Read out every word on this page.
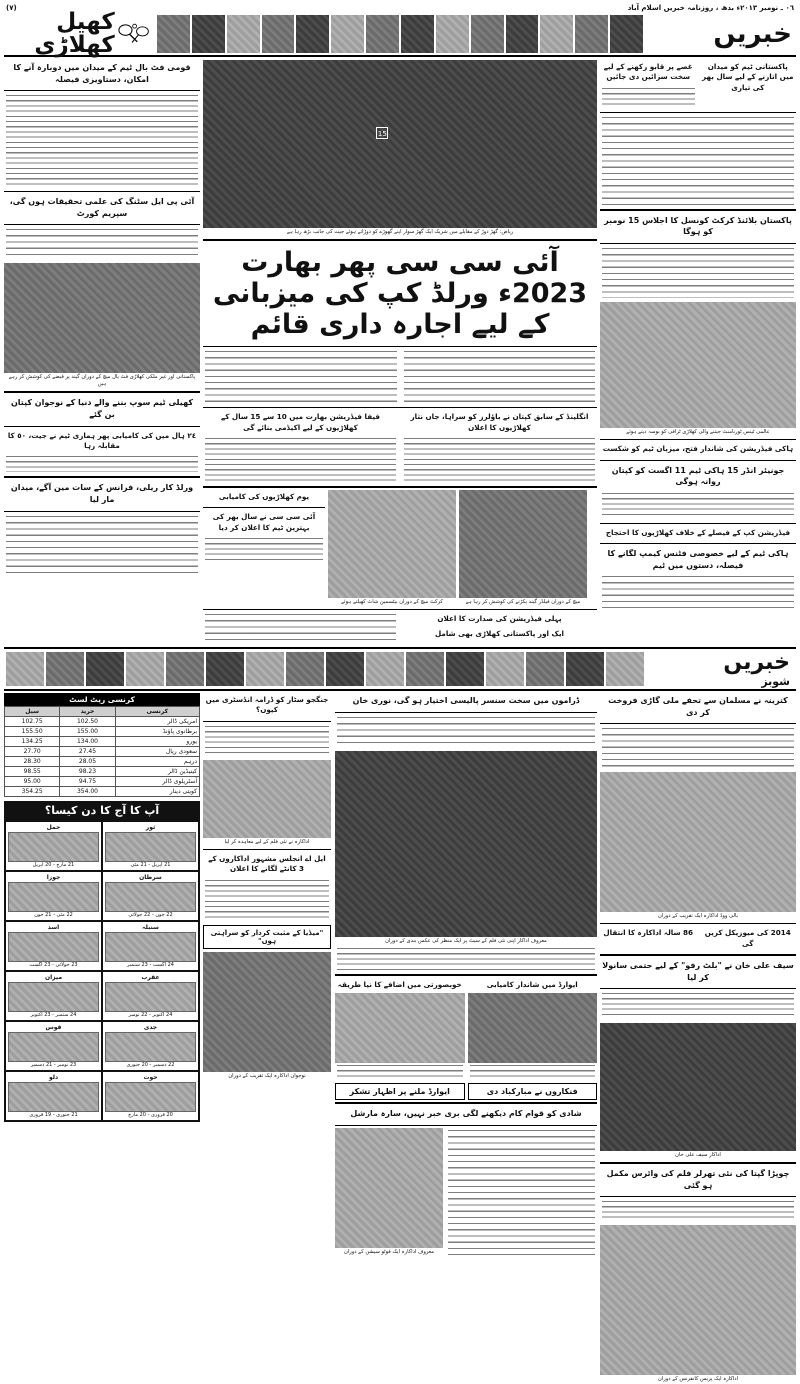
(٧)	٠٦ ـ نومبر ٢٠١٣ء بدھ ، روزنامہ خبریں اسلام آباد
کھیل کھلاڑی	خبریں
قومی فٹ بال ٹیم کے میدان میں دوبارہ آنے کا امکان، دستاویزی فیصلہ
آئی پی ایل سٹنگ کی علمی تحقیقات ہوں گی، سپریم کورٹ
پاکستانی اور غیر ملکی کھلاڑی فٹ بال میچ کے دوران گیند پر قبضے کی کوشش کر رہے ہیں
کھیلی ٹیم سوپ بننے والے دنیا کے نوجوان کپتان بن گئے
٢٤ ہال میں کی کامیابی پھر ہماری ٹیم نے جیت، ٥٠ کا مقابلہ رہا
ورلڈ کار ریلی، فرانس کے سات مین آگے، میدان مار لیا
15
ریاض: گھڑ دوڑ کے مقابلے میں شریک ایک گھڑ سوار اپنے گھوڑے کو دوڑاتے ہوئے جیت کی جانب بڑھ رہا ہے
آئی سی سی پھر بھارت 2023ء ورلڈ کپ کی میزبانی کے لیے اجارہ داری قائم
فیفا فیڈریشن بھارت میں 10 سے 15 سال کے کھلاڑیوں کے لیے اکیڈمی بنائے گی
انگلینڈ کے سابق کپتان نے باؤلرز کو سراہا، جاں نثار کھلاڑیوں کا اعلان
یوم کھلاڑیوں کی کامیابی
آئی سی سی نے سال بھر کی بہترین ٹیم کا اعلان کر دیا
کرکٹ میچ کے دوران بیٹسمین شاٹ کھیلتے ہوئے	میچ کے دوران فیلڈر گیند پکڑنے کی کوشش کر رہا ہے
پہلی فیڈریشن کی صدارت کا اعلان
ایک اور پاکستانی کھلاڑی بھی شامل
غصے پر قابو رکھنے کے لیے سخت سزائیں دی جائیں
پاکستانی ٹیم کو میدان میں اتارنے کے لیے سال بھر کی تیاری
پاکستان بلائنڈ کرکٹ کونسل کا اجلاس 15 نومبر کو ہوگا
عالمی ٹینس ٹورنامنٹ جیتنے والی کھلاڑی ٹرافی کو بوسہ دیتے ہوئے
ہاکی فیڈریشن کی شاندار فتح، میزبان ٹیم کو شکست
جونیئر انڈر 15 ہاکی ٹیم 11 اگست کو کپتان روانہ ہوگی
فیڈریشن کپ کے فیصلے کے خلاف کھلاڑیوں کا احتجاج
ہاکی ٹیم کے لیے خصوصی فٹنس کیمپ لگانے کا فیصلہ، دستوں میں ٹیم
خبریں
شوبز
کرنسی ریٹ لسٹ
سیل	خرید	کرنسی
102.75	102.50	امریکی ڈالر
155.50	155.00	برطانوی پاؤنڈ
134.25	134.00	یورو
27.70	27.45	سعودی ریال
28.30	28.05	درہم
98.55	98.23	کینیڈین ڈالر
95.00	94.75	آسٹریلوی ڈالر
354.25	354.00	کویتی دینار
آپ کا آج کا دن کیسا؟
حمل
21 مارچ - 20 اپریل
ثور
21 اپریل - 21 مئی
جوزا
22 مئی - 21 جون
سرطان
22 جون - 22 جولائی
اسد
23 جولائی - 23 اگست
سنبلہ
24 اگست - 23 ستمبر
میزان
24 ستمبر - 23 اکتوبر
عقرب
24 اکتوبر - 22 نومبر
قوس
23 نومبر - 21 دسمبر
جدی
22 دسمبر - 20 جنوری
دلو
21 جنوری - 19 فروری
حوت
20 فروری - 20 مارچ
جنگجو سٹار کو ڈرامہ انڈسٹری میں کیوں؟
اداکارہ نے نئی فلم کے لیے معاہدہ کر لیا
ایل اے انجلس مشہور اداکاروں کے 3 کانٹے لگانے کا اعلان
"میڈیا کے مثبت کردار کو سراہتی ہوں"
نوجوان اداکارہ ایک تقریب کے دوران
ڈراموں میں سخت سنسر پالیسی اختیار ہو گی، نوری خان
معروف اداکار اپنی نئی فلم کے سیٹ پر ایک منظر کی عکس بندی کے دوران
خوبصورتی میں اضافے کا نیا طریقہ	ایوارڈ میں شاندار کامیابی
ایوارڈ ملنے پر اظہار تشکر	فنکاروں نے مبارکباد دی
شادی کو قوام کام دیکھنے لگی بری خبر نہیں، سارہ مارشل
معروف اداکارہ ایک فوٹو سیشن کے دوران
کترینہ نے مسلمان سے تحفے ملی گاڑی فروخت کر دی
بالی ووڈ اداکارہ ایک تقریب کے دوران
86 سالہ اداکارہ کا انتقال	2014 کی میوزیکل کریں گی
سیف علی خان نے "بلٹ رفو" کے لیے حتمی سانولا کر لیا
اداکار سیف علی خان
چوپڑا گپتا کی نئی تھرلر فلم کی وائرس مکمل ہو گئی
اداکارہ ایک پریس کانفرنس کے دوران
